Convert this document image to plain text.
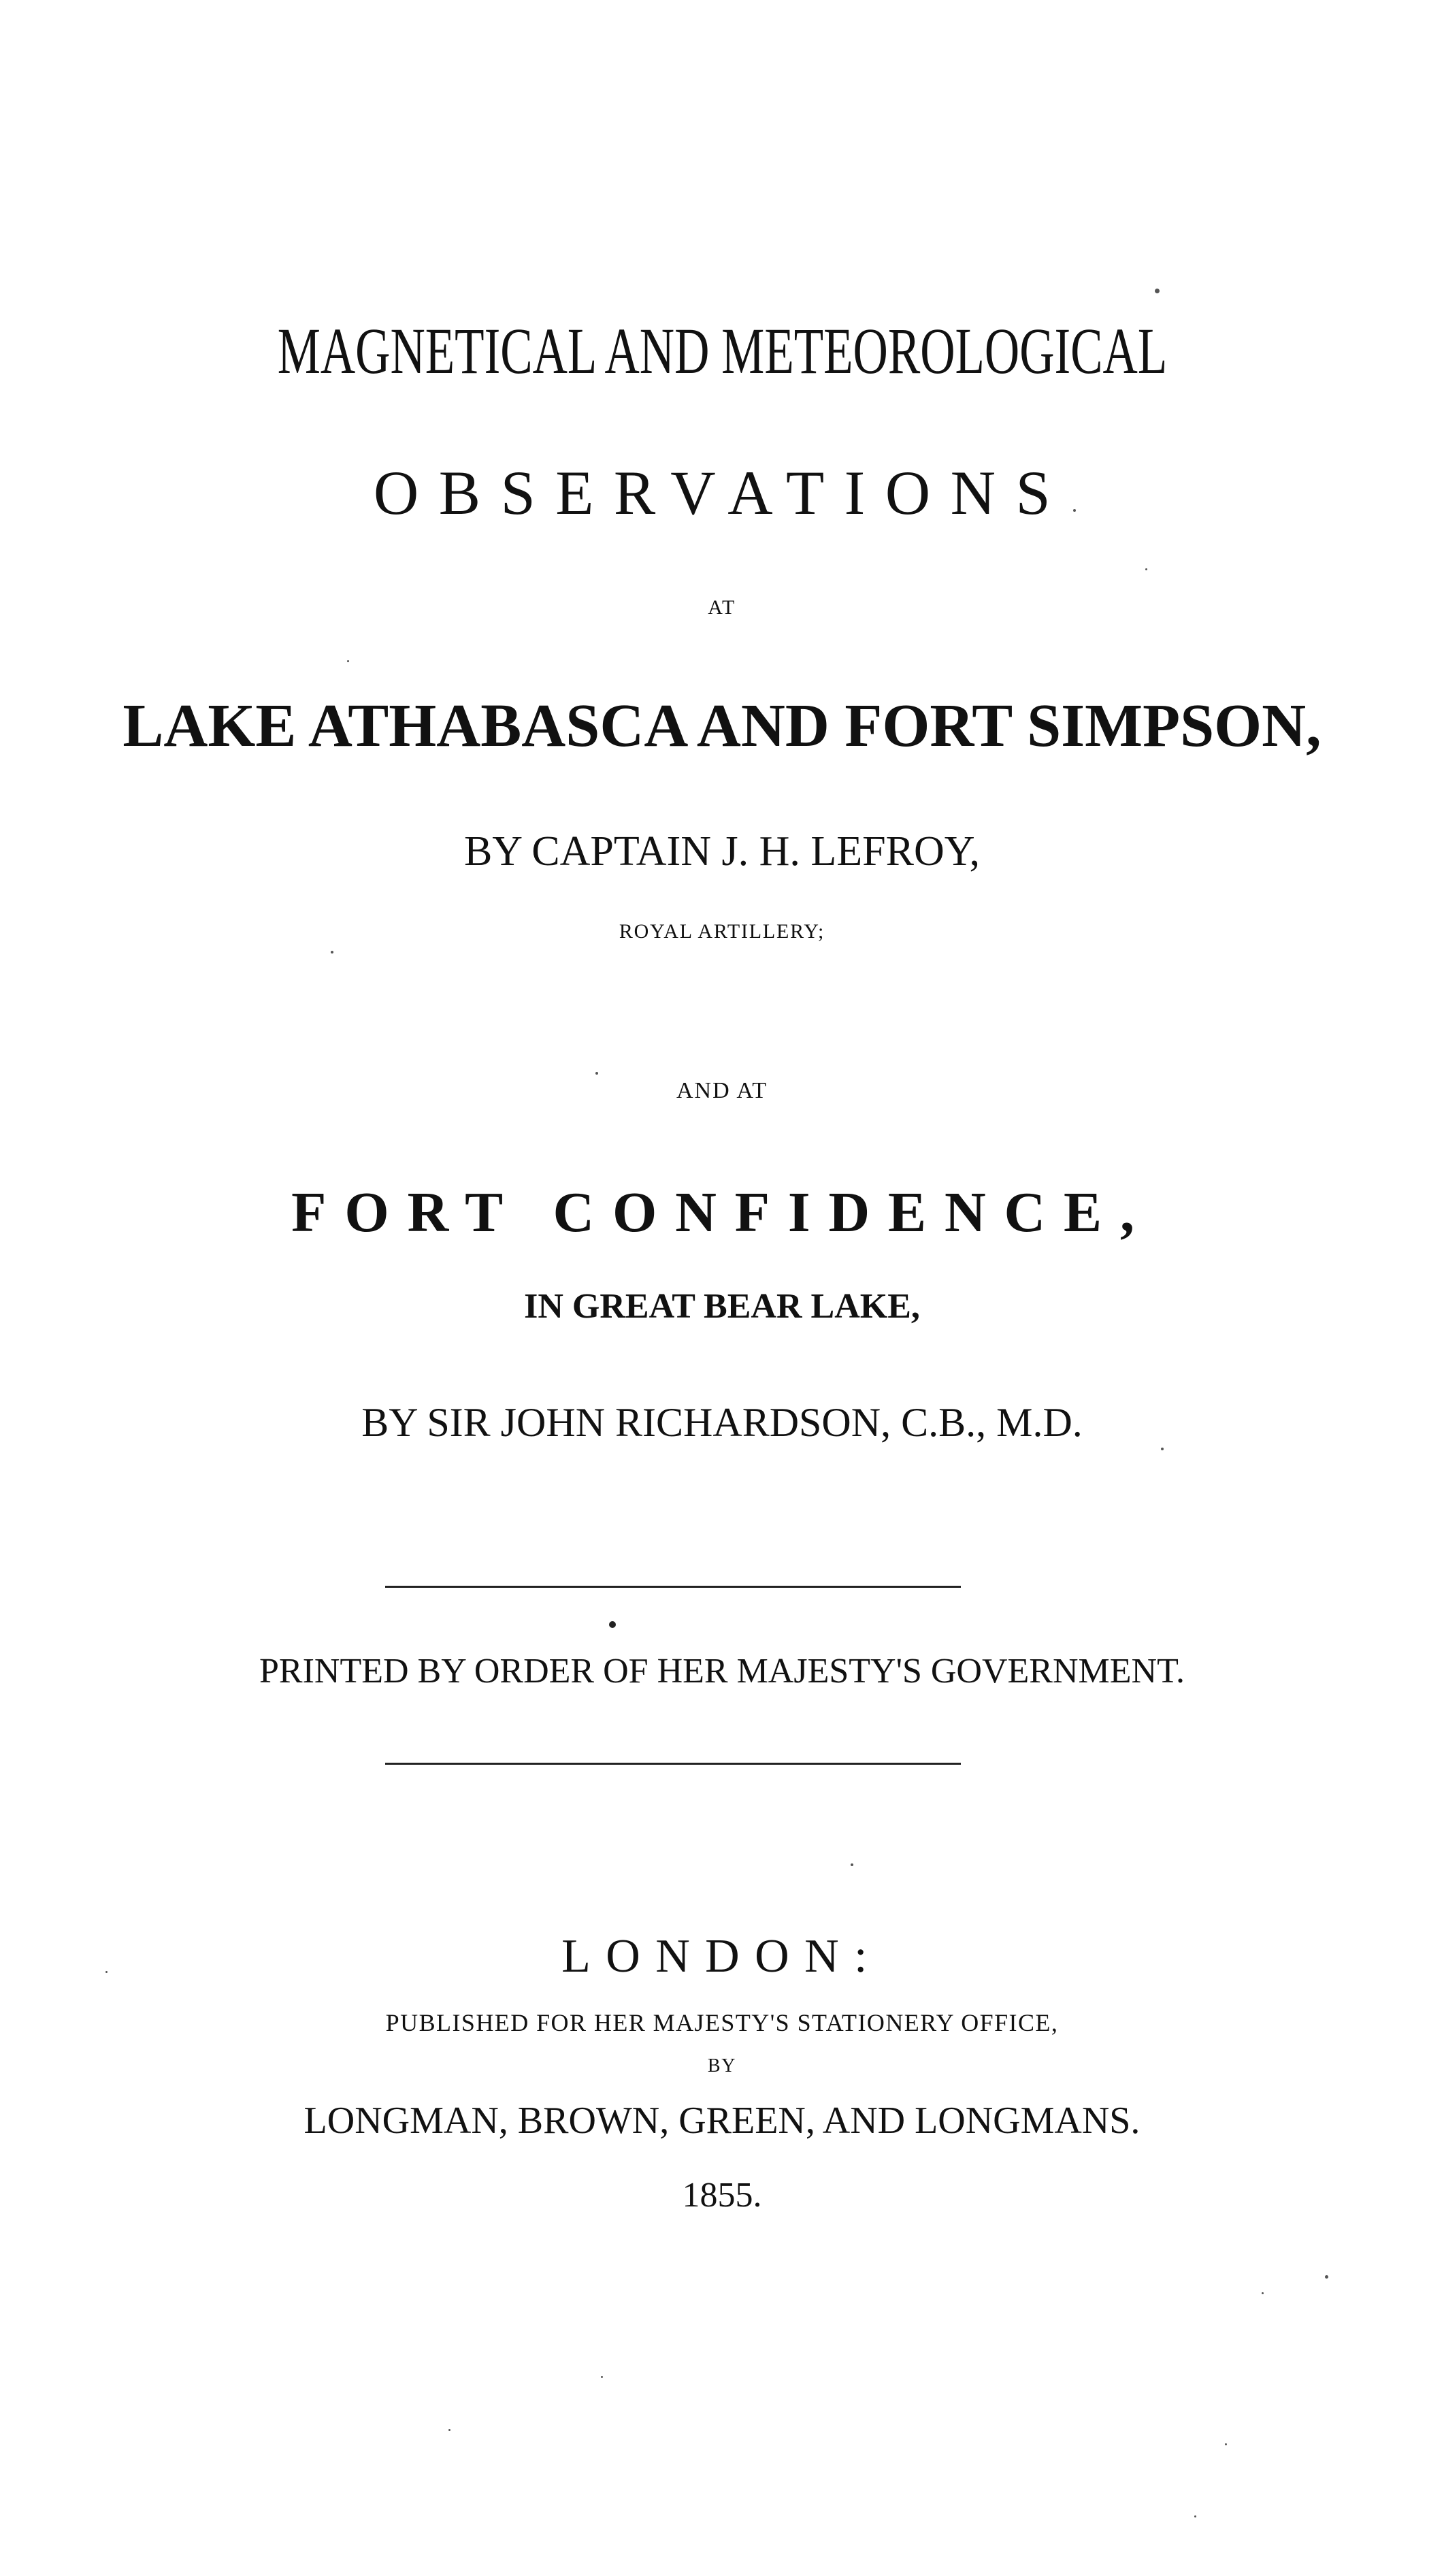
MAGNETICAL AND METEOROLOGICAL
OBSERVATIONS
AT
LAKE ATHABASCA AND FORT SIMPSON,
BY CAPTAIN J. H. LEFROY,
ROYAL ARTILLERY;
AND AT
FORT CONFIDENCE,
IN GREAT BEAR LAKE,
BY SIR JOHN RICHARDSON, C.B., M.D.
PRINTED BY ORDER OF HER MAJESTY'S GOVERNMENT.
LONDON:
PUBLISHED FOR HER MAJESTY'S STATIONERY OFFICE,
BY
LONGMAN, BROWN, GREEN, AND LONGMANS.
1855.
